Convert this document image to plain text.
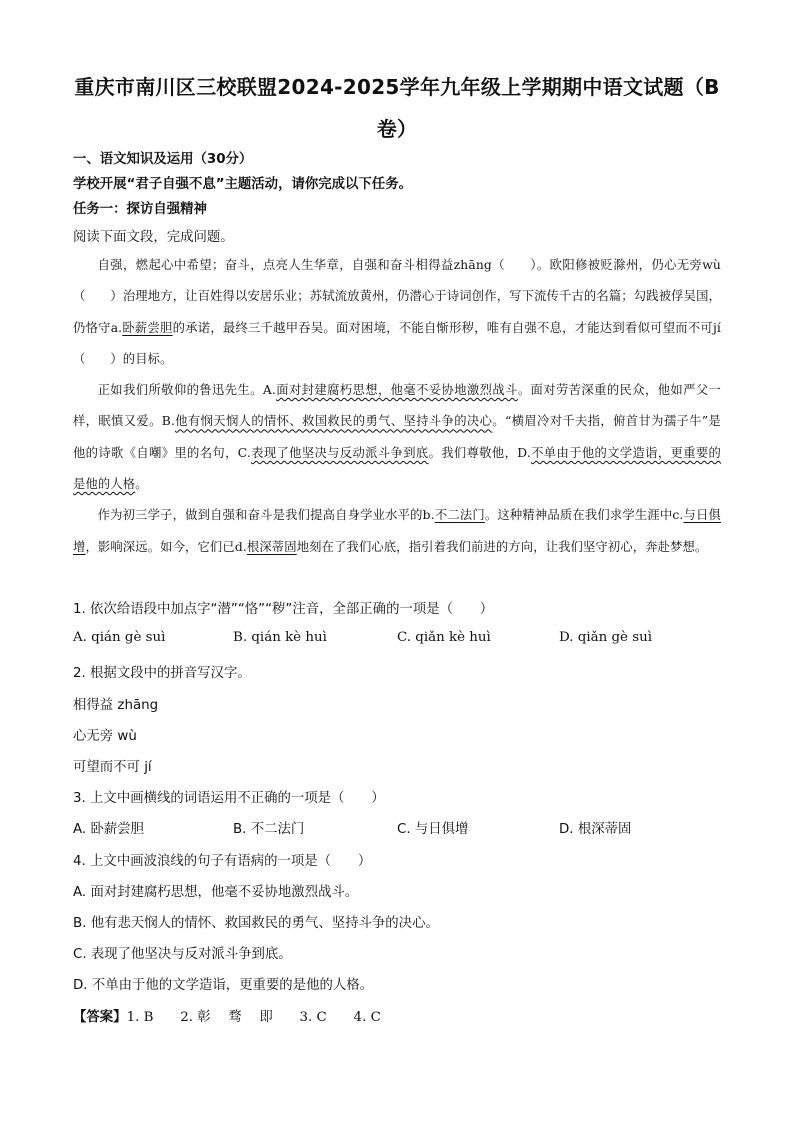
重庆市南川区三校联盟2024-2025学年九年级上学期期中语文试题（B
卷）
一、语文知识及运用（30分）
学校开展“君子自强不息”主题活动，请你完成以下任务。
任务一：探访自强精神
阅读下面文段，完成问题。

自强，燃起心中希望；奋斗，点亮人生华章，自强和奋斗相得益zhāng（　　）。欧阳修被贬滁州，仍心无旁wù（　　）治理地方，让百姓得以安居乐业；苏轼流放黄州，仍潜心于诗词创作，写下流传千古的名篇；勾践被俘吴国，仍恪守a.卧薪尝胆的承诺，最终三千越甲吞吴。面对困境，不能自惭形秽，唯有自强不息，才能达到看似可望而不可jí（　　）的目标。

正如我们所敬仰的鲁迅先生。A.面对封建腐朽思想，他毫不妥协地激烈战斗。面对劳苦深重的民众，他如严父一样，眠慎又爱。B.他有悯天悯人的情怀、救国救民的勇气、坚持斗争的决心。“横眉冷对千夫指，俯首甘为孺子牛”是他的诗歌《自嘲》里的名句，C.表现了他坚决与反动派斗争到底。我们尊敬他，D.不单由于他的文学造诣，更重要的是他的人格。

作为初三学子，做到自强和奋斗是我们提高自身学业水平的b.不二法门。这种精神品质在我们求学生涯中c.与日俱增，影响深远。如今，它们已d.根深蒂固地刻在了我们心底，指引着我们前进的方向，让我们坚守初心，奔赴梦想。

1. 依次给语段中加点字“潜”“恪”“秽”注音，全部正确的一项是（　　）
A. qián gè suì	B. qián kè huì	C. qiǎn kè huì	D. qiǎn gè suì
2. 根据文段中的拼音写汉字。
相得益 zhāng
心无旁 wù
可望而不可 jí
3. 上文中画横线的词语运用不正确的一项是（　　）
A. 卧薪尝胆	B. 不二法门	C. 与日俱增	D. 根深蒂固
4. 上文中画波浪线的句子有语病的一项是（　　）
A. 面对封建腐朽思想，他毫不妥协地激烈战斗。
B. 他有悲天悯人的情怀、救国救民的勇气、坚持斗争的决心。
C. 表现了他坚决与反对派斗争到底。
D. 不单由于他的文学造诣，更重要的是他的人格。
【答案】1. B　　2. 彰　 骛　 即　　3. C　　4. C
